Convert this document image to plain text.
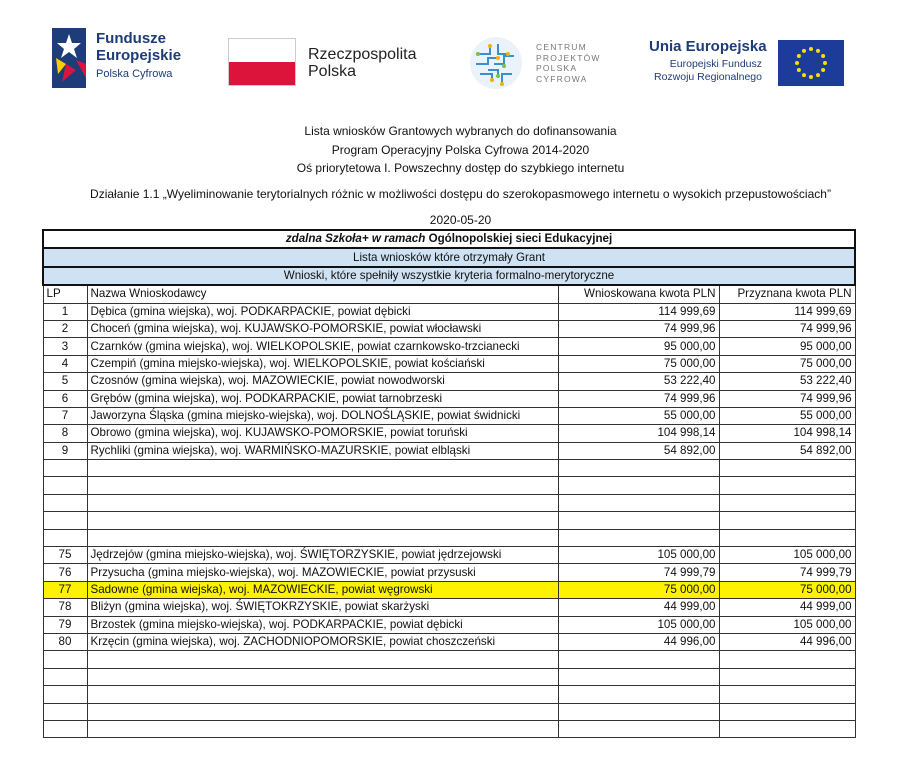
Fundusze
Europejskie
Polska Cyfrowa
Rzeczpospolita
Polska
CENTRUM
PROJEKTÓW
POLSKA
CYFROWA
Unia Europejska
Europejski Fundusz
Rozwoju Regionalnego
Lista wniosków Grantowych wybranych do dofinansowania
Program Operacyjny Polska Cyfrowa 2014-2020
Oś priorytetowa I. Powszechny dostęp do szybkiego internetu
Działanie 1.1 „Wyeliminowanie terytorialnych różnic w możliwości dostępu do szerokopasmowego internetu o wysokich przepustowościach”
2020-05-20
zdalna Szkoła+ w ramach Ogólnopolskiej sieci Edukacyjnej			
Lista wniosków które otrzymały Grant			
Wnioski, które spełniły wszystkie kryteria formalno-merytoryczne			
LP	Nazwa Wnioskodawcy	Wnioskowana kwota PLN	Przyznana kwota PLN
1	Dębica (gmina wiejska), woj. PODKARPACKIE, powiat dębicki	114 999,69	114 999,69
2	Choceń (gmina wiejska), woj. KUJAWSKO-POMORSKIE, powiat włocławski	74 999,96	74 999,96
3	Czarnków (gmina wiejska), woj. WIELKOPOLSKIE, powiat czarnkowsko-trzcianecki	95 000,00	95 000,00
4	Czempiń (gmina miejsko-wiejska), woj. WIELKOPOLSKIE, powiat kościański	75 000,00	75 000,00
5	Czosnów (gmina wiejska), woj. MAZOWIECKIE, powiat nowodworski	53 222,40	53 222,40
6	Grębów (gmina wiejska), woj. PODKARPACKIE, powiat tarnobrzeski	74 999,96	74 999,96
7	Jaworzyna Śląska (gmina miejsko-wiejska), woj. DOLNOŚLĄSKIE, powiat świdnicki	55 000,00	55 000,00
8	Obrowo (gmina wiejska), woj. KUJAWSKO-POMORSKIE, powiat toruński	104 998,14	104 998,14
9	Rychliki (gmina wiejska), woj. WARMIŃSKO-MAZURSKIE, powiat elbląski	54 892,00	54 892,00

75	Jędrzejów (gmina miejsko-wiejska), woj. ŚWIĘTORZYSKIE, powiat jędrzejowski	105 000,00	105 000,00
76	Przysucha (gmina miejsko-wiejska), woj. MAZOWIECKIE, powiat przysuski	74 999,79	74 999,79
77	Sadowne (gmina wiejska), woj. MAZOWIECKIE, powiat węgrowski	75 000,00	75 000,00
78	Bliżyn (gmina wiejska), woj. ŚWIĘTOKRZYSKIE, powiat skarżyski	44 999,00	44 999,00
79	Brzostek (gmina miejsko-wiejska), woj. PODKARPACKIE, powiat dębicki	105 000,00	105 000,00
80	Krzęcin (gmina wiejska), woj. ZACHODNIOPOMORSKIE, powiat choszczeński	44 996,00	44 996,00
